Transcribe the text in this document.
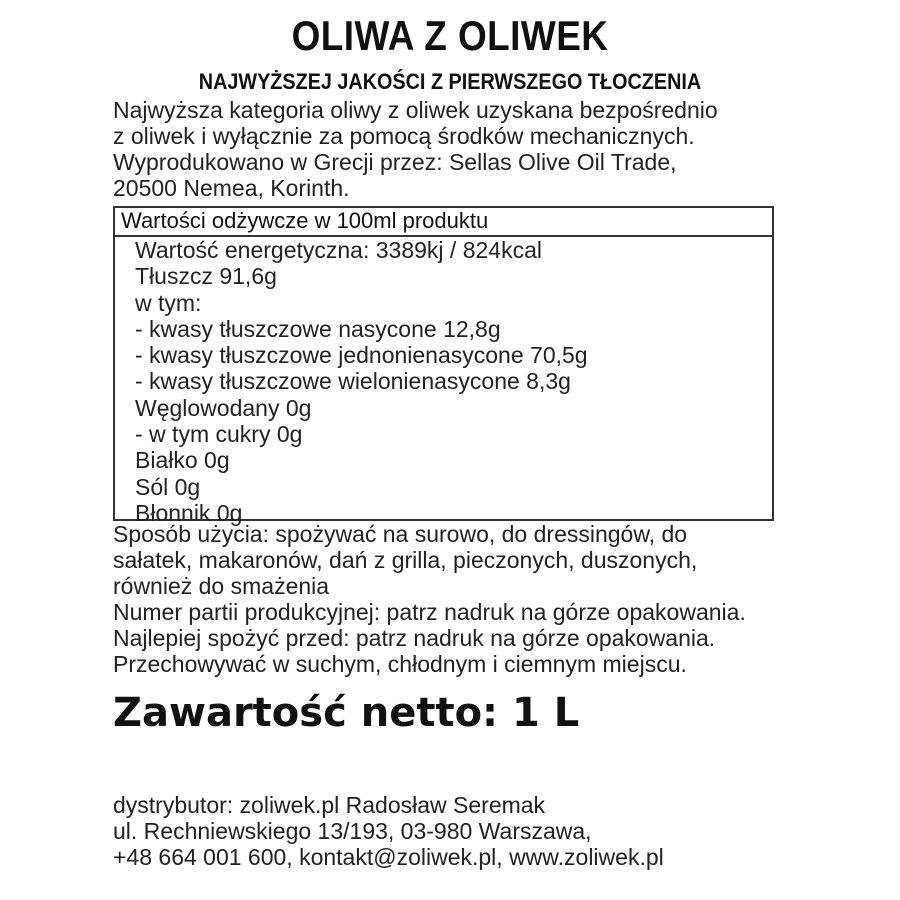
OLIWA Z OLIWEK
NAJWYŻSZEJ JAKOŚCI Z PIERWSZEGO TŁOCZENIA
Najwyższa kategoria oliwy z oliwek uzyskana bezpośrednio
z oliwek i wyłącznie za pomocą środków mechanicznych.
Wyprodukowano w Grecji przez: Sellas Olive Oil Trade,
20500 Nemea, Korinth.
Wartości odżywcze w 100ml produktu
Wartość energetyczna: 3389kj / 824kcal
Tłuszcz 91,6g
w tym:
- kwasy tłuszczowe nasycone 12,8g
- kwasy tłuszczowe jednonienasycone 70,5g
- kwasy tłuszczowe wielonienasycone 8,3g
Węglowodany 0g
- w tym cukry 0g
Białko 0g
Sól 0g
Błonnik 0g
Sposób użycia: spożywać na surowo, do dressingów, do
sałatek, makaronów, dań z grilla, pieczonych, duszonych,
również do smażenia
Numer partii produkcyjnej: patrz nadruk na górze opakowania.
Najlepiej spożyć przed: patrz nadruk na górze opakowania.
Przechowywać w suchym, chłodnym i ciemnym miejscu.
Zawartość netto: 1 L
dystrybutor: zoliwek.pl Radosław Seremak
ul. Rechniewskiego 13/193, 03-980 Warszawa,
+48 664 001 600, kontakt@zoliwek.pl, www.zoliwek.pl
